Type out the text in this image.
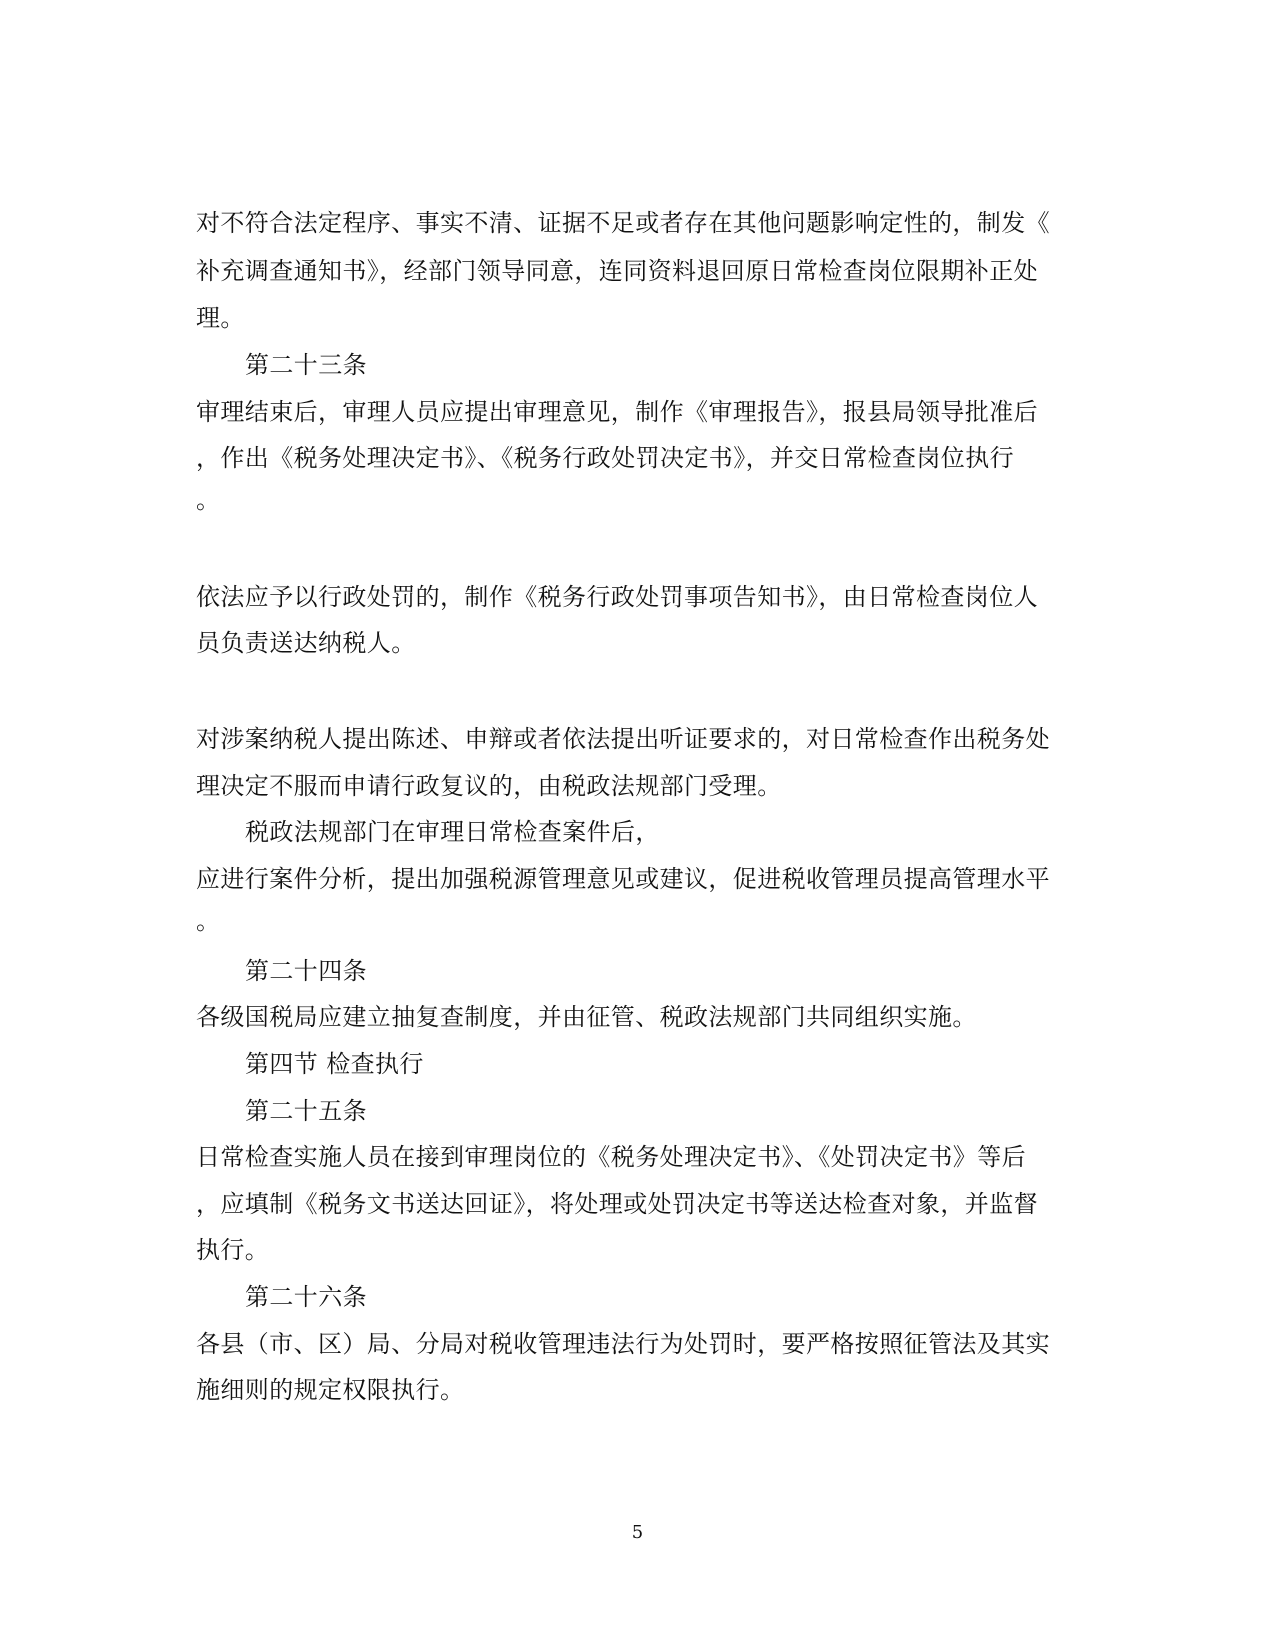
对不符合法定程序、事实不清、证据不足或者存在其他问题影响定性的，制发《
补充调查通知书》，经部门领导同意，连同资料退回原日常检查岗位限期补正处
理。
第二十三条
审理结束后，审理人员应提出审理意见，制作《审理报告》，报县局领导批准后
，作出《税务处理决定书》、《税务行政处罚决定书》，并交日常检查岗位执行
。
依法应予以行政处罚的，制作《税务行政处罚事项告知书》，由日常检查岗位人
员负责送达纳税人。
对涉案纳税人提出陈述、申辩或者依法提出听证要求的，对日常检查作出税务处
理决定不服而申请行政复议的，由税政法规部门受理。
税政法规部门在审理日常检查案件后，
应进行案件分析，提出加强税源管理意见或建议，促进税收管理员提高管理水平
。
第二十四条
各级国税局应建立抽复查制度，并由征管、税政法规部门共同组织实施。
第四节 检查执行
第二十五条
日常检查实施人员在接到审理岗位的《税务处理决定书》、《处罚决定书》等后
，应填制《税务文书送达回证》，将处理或处罚决定书等送达检查对象，并监督
执行。
第二十六条
各县（市、区）局、分局对税收管理违法行为处罚时，要严格按照征管法及其实
施细则的规定权限执行。
5
